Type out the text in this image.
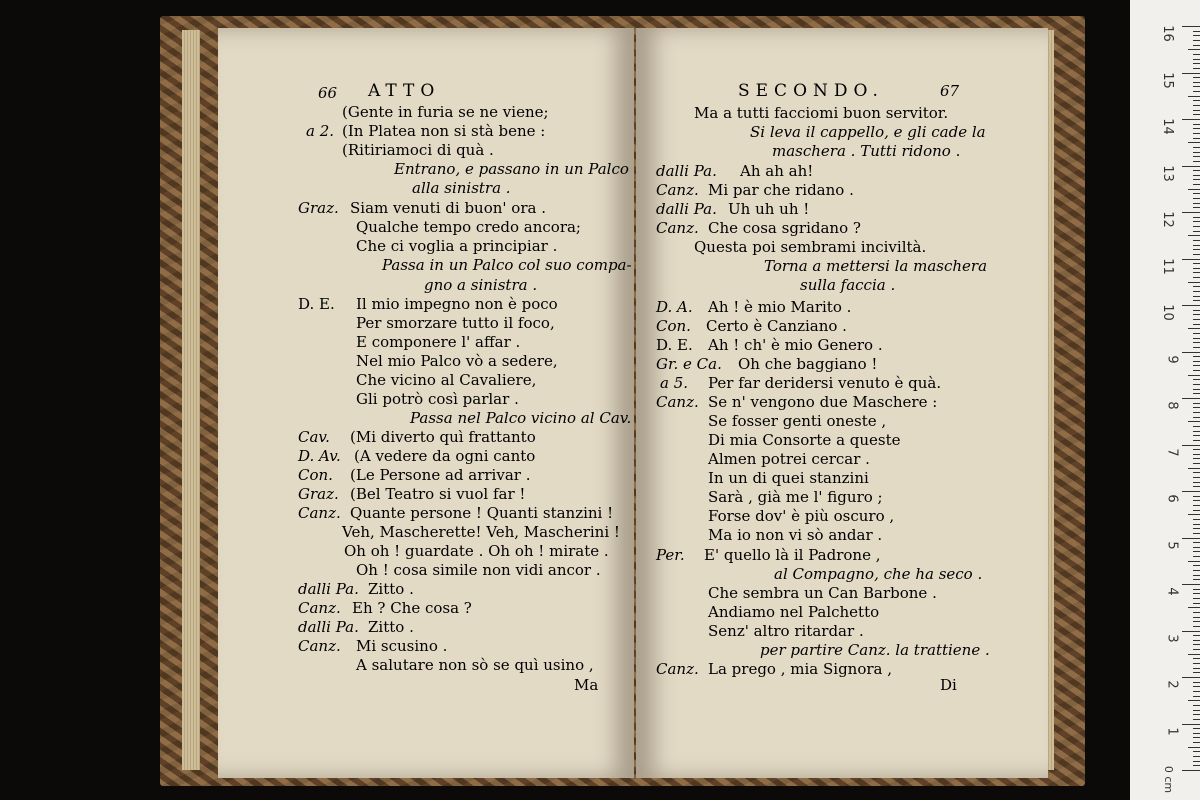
66 ATTO	SECONDO.	67
(Gente in furia se ne viene;
a 2. (In Platea non si stà bene :
(Ritiriamoci di quà .
Entrano, e passano in un Palco
alla sinistra .
Graz. Siam venuti di buon' ora .
Qualche tempo credo ancora;
Che ci voglia a principiar .
Passa in un Palco col suo compa-
gno a sinistra .
D. E. Il mio impegno non è poco
Per smorzare tutto il foco,
E componere l' affar .
Nel mio Palco vò a sedere,
Che vicino al Cavaliere,
Gli potrò così parlar .
Passa nel Palco vicino al Cav.
Cav. (Mi diverto quì frattanto
D. Av. (A vedere da ogni canto
Con. (Le Persone ad arrivar .
Graz. (Bel Teatro si vuol far !
Canz. Quante persone ! Quanti stanzini !
Veh, Mascherette! Veh, Mascherini !
Oh oh ! guardate . Oh oh ! mirate .
Oh ! cosa simile non vidi ancor .
dalli Pa. Zitto .
Canz. Eh ? Che cosa ?
dalli Pa. Zitto .
Canz. Mi scusino .
A salutare non sò se quì usino ,
Ma
Ma a tutti facciomi buon servitor.
Si leva il cappello, e gli cade la
maschera . Tutti ridono .
dalli Pa. Ah ah ah!
Canz. Mi par che ridano .
dalli Pa. Uh uh uh !
Canz. Che cosa sgridano ?
Questa poi sembrami inciviltà.
Torna a mettersi la maschera
sulla faccia .
D. A. Ah ! è mio Marito .
Con. Certo è Canziano .
D. E. Ah ! ch' è mio Genero .
Gr. e Ca. Oh che baggiano !
a 5. Per far deridersi venuto è quà.
Canz. Se n' vengono due Maschere :
Se fosser genti oneste ,
Di mia Consorte a queste
Almen potrei cercar .
In un di quei stanzini
Sarà , già me l' figuro ;
Forse dov' è più oscuro ,
Ma io non vi sò andar .
Per. E' quello là il Padrone ,
al Compagno, che ha seco .
Che sembra un Can Barbone .
Andiamo nel Palchetto
Senz' altro ritardar .
per partire Canz. la trattiene .
Canz. La prego , mia Signora ,
Di
16
15
14
13
12
11
10
9
8
7
6
5
4
3
2
1
0 cm
